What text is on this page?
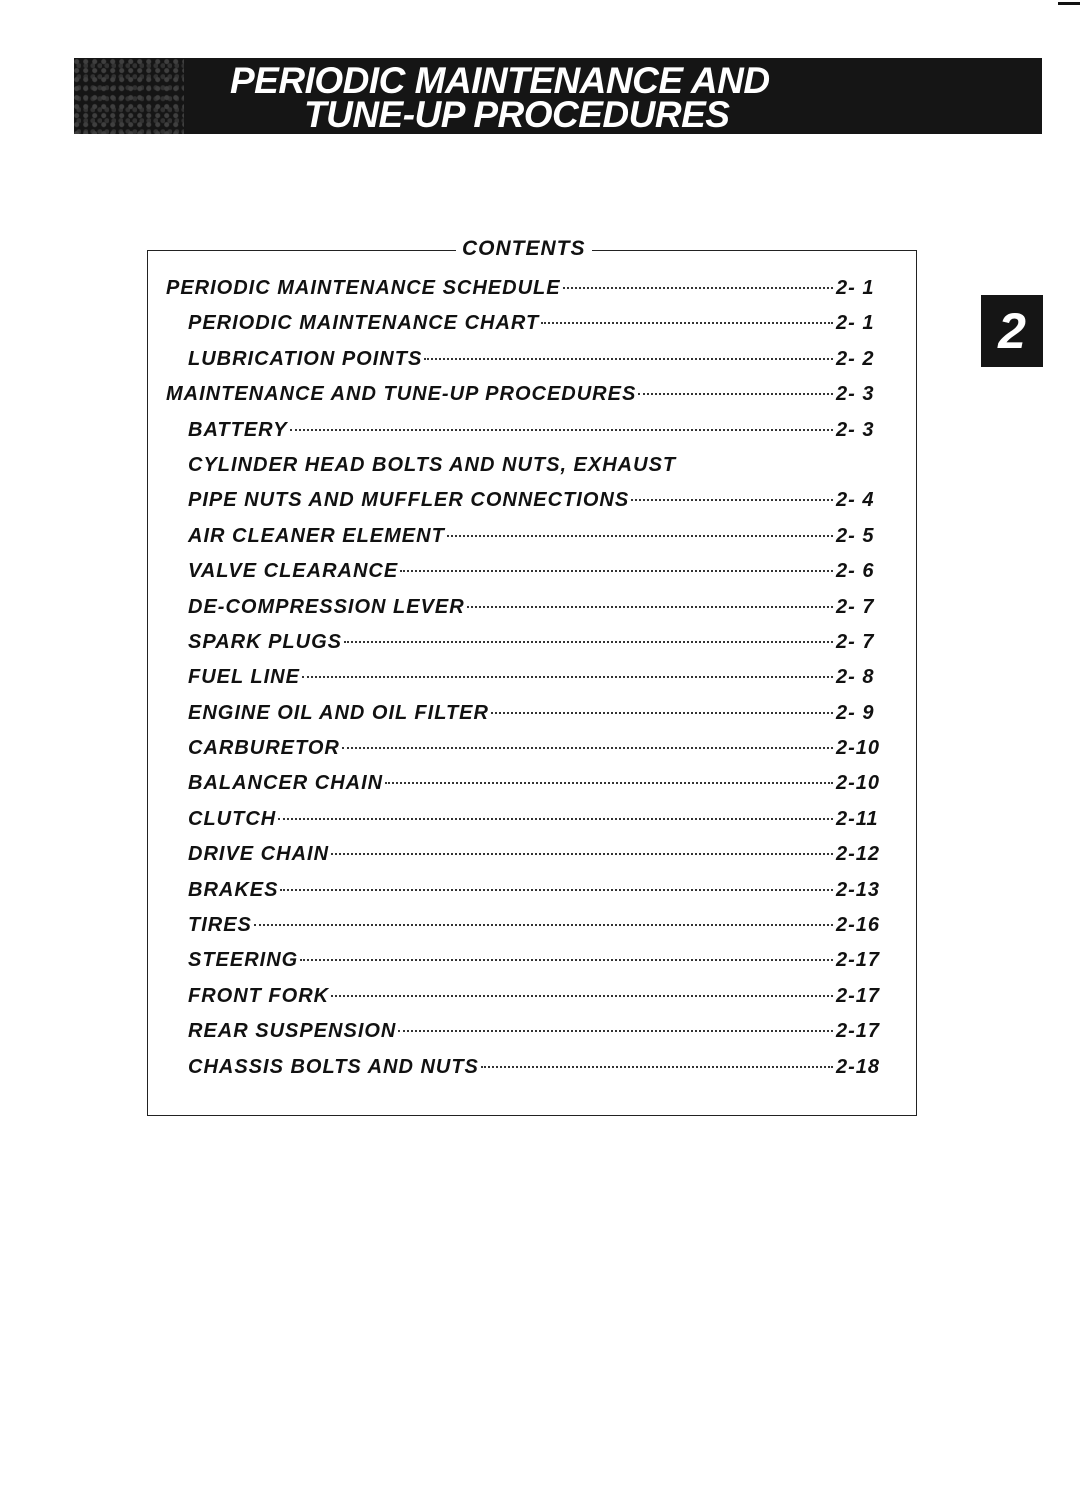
PERIODIC MAINTENANCE AND
TUNE-UP PROCEDURES
2
CONTENTS
PERIODIC MAINTENANCE SCHEDULE	2- 1
PERIODIC MAINTENANCE CHART	2- 1
LUBRICATION POINTS	2- 2
MAINTENANCE AND TUNE-UP PROCEDURES	2- 3
BATTERY	2- 3
CYLINDER HEAD BOLTS AND NUTS, EXHAUST
PIPE NUTS AND MUFFLER CONNECTIONS	2- 4
AIR CLEANER ELEMENT	2- 5
VALVE CLEARANCE	2- 6
DE-COMPRESSION LEVER	2- 7
SPARK PLUGS	2- 7
FUEL LINE	2- 8
ENGINE OIL AND OIL FILTER	2- 9
CARBURETOR	2-10
BALANCER CHAIN	2-10
CLUTCH	2-11
DRIVE CHAIN	2-12
BRAKES	2-13
TIRES	2-16
STEERING	2-17
FRONT FORK	2-17
REAR SUSPENSION	2-17
CHASSIS BOLTS AND NUTS	2-18
